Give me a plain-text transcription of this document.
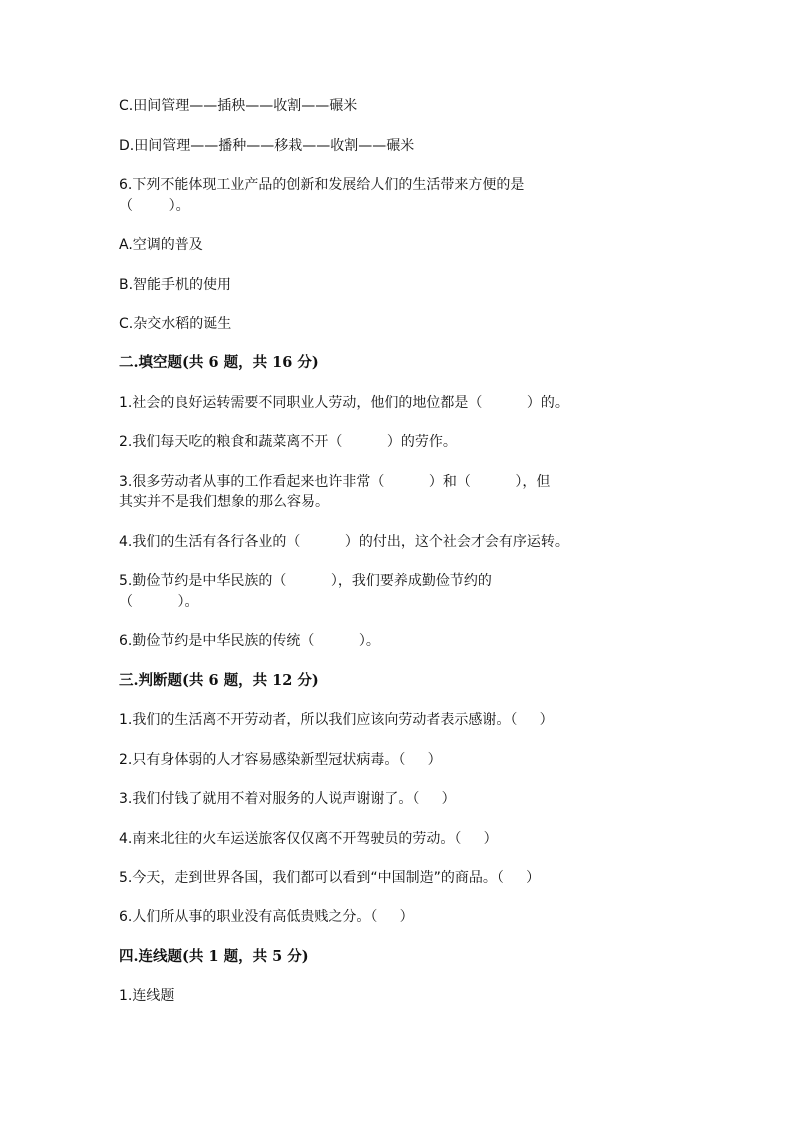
C.田间管理——插秧——收割——碾米
D.田间管理——播种——移栽——收割——碾米
6.下列不能体现工业产品的创新和发展给人们的生活带来方便的是
（        ）。
A.空调的普及
B.智能手机的使用
C.杂交水稻的诞生
二.填空题(共 6 题，共 16 分)
1.社会的良好运转需要不同职业人劳动，他们的地位都是（          ）的。
2.我们每天吃的粮食和蔬菜离不开（          ）的劳作。
3.很多劳动者从事的工作看起来也许非常（          ）和（          ），但
其实并不是我们想象的那么容易。
4.我们的生活有各行各业的（          ）的付出，这个社会才会有序运转。
5.勤俭节约是中华民族的（          ），我们要养成勤俭节约的
（          ）。
6.勤俭节约是中华民族的传统（          ）。
三.判断题(共 6 题，共 12 分)
1.我们的生活离不开劳动者，所以我们应该向劳动者表示感谢。（     ）
2.只有身体弱的人才容易感染新型冠状病毒。（     ）
3.我们付钱了就用不着对服务的人说声谢谢了。（     ）
4.南来北往的火车运送旅客仅仅离不开驾驶员的劳动。（     ）
5.今天，走到世界各国，我们都可以看到“中国制造”的商品。（     ）
6.人们所从事的职业没有高低贵贱之分。（     ）
四.连线题(共 1 题，共 5 分)
1.连线题
